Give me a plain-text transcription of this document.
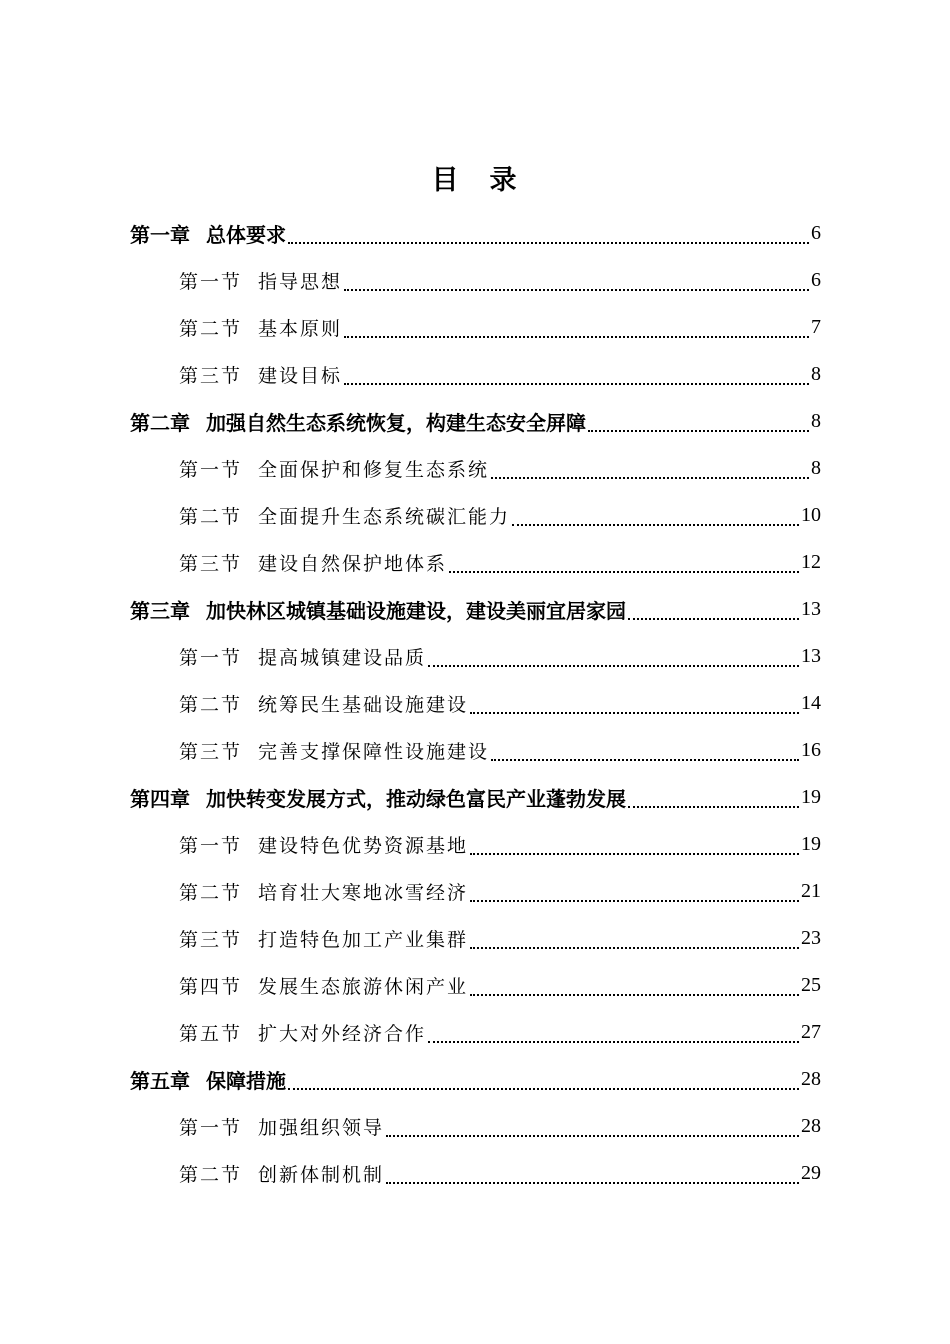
目　录
第一章 总体要求	6
第一节 指导思想	6
第二节 基本原则	7
第三节 建设目标	8
第二章 加强自然生态系统恢复，构建生态安全屏障	8
第一节 全面保护和修复生态系统	8
第二节 全面提升生态系统碳汇能力	10
第三节 建设自然保护地体系	12
第三章 加快林区城镇基础设施建设，建设美丽宜居家园	13
第一节 提高城镇建设品质	13
第二节 统筹民生基础设施建设	14
第三节 完善支撑保障性设施建设	16
第四章 加快转变发展方式，推动绿色富民产业蓬勃发展	19
第一节 建设特色优势资源基地	19
第二节 培育壮大寒地冰雪经济	21
第三节 打造特色加工产业集群	23
第四节 发展生态旅游休闲产业	25
第五节 扩大对外经济合作	27
第五章 保障措施	28
第一节 加强组织领导	28
第二节 创新体制机制	29
